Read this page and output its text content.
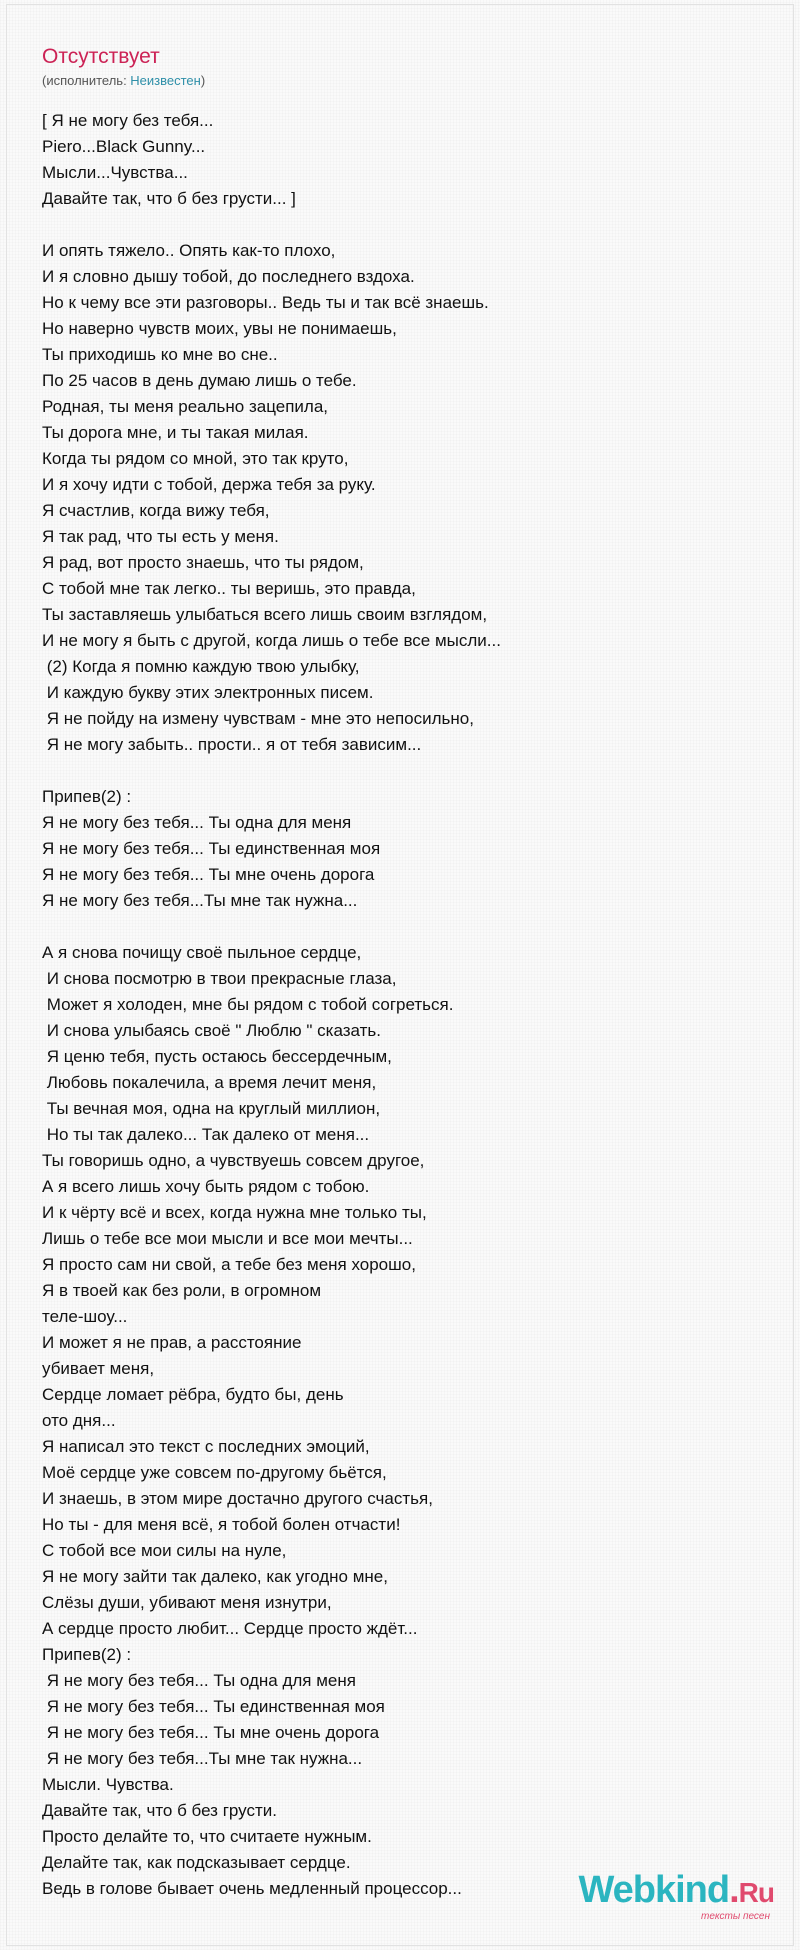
Отсутствует
(исполнитель: Неизвестен)
[ Я не могу без тебя...
Piero...Black Gunny...
Мысли...Чувства...
Давайте так, что б без грусти... ]
И опять тяжело.. Опять как-то плохо,
И я словно дышу тобой, до последнего вздоха.
Но к чему все эти разговоры.. Ведь ты и так всё знаешь.
Но наверно чувств моих, увы не понимаешь,
Ты приходишь ко мне во сне..
По 25 часов в день думаю лишь о тебе.
Родная, ты меня реально зацепила,
Ты дорога мне, и ты такая милая.
Когда ты рядом со мной, это так круто,
И я хочу идти с тобой, держа тебя за руку.
Я счастлив, когда вижу тебя,
Я так рад, что ты есть у меня.
Я рад, вот просто знаешь, что ты рядом,
С тобой мне так легко.. ты веришь, это правда,
Ты заставляешь улыбаться всего лишь своим взглядом,
И не могу я быть с другой, когда лишь о тебе все мысли...
(2) Когда я помню каждую твою улыбку,
И каждую букву этих электронных писем.
Я не пойду на измену чувствам - мне это непосильно,
Я не могу забыть.. прости.. я от тебя зависим...
Припев(2) :
Я не могу без тебя... Ты одна для меня
Я не могу без тебя... Ты единственная моя
Я не могу без тебя... Ты мне очень дорога
Я не могу без тебя...Ты мне так нужна...
А я снова почищу своё пыльное сердце,
И снова посмотрю в твои прекрасные глаза,
Может я холоден, мне бы рядом с тобой согреться.
И снова улыбаясь своё " Люблю " сказать.
Я ценю тебя, пусть остаюсь бессердечным,
Любовь покалечила, а время лечит меня,
Ты вечная моя, одна на круглый миллион,
Но ты так далеко... Так далеко от меня...
Ты говоришь одно, а чувствуешь совсем другое,
А я всего лишь хочу быть рядом с тобою.
И к чёрту всё и всех, когда нужна мне только ты,
Лишь о тебе все мои мысли и все мои мечты...
Я просто сам ни свой, а тебе без меня хорошо,
Я в твоей как без роли, в огромном
теле-шоу...
И может я не прав, а расстояние
убивает меня,
Сердце ломает рёбра, будто бы, день
ото дня...
Я написал это текст с последних эмоций,
Моё сердце уже совсем по-другому бьётся,
И знаешь, в этом мире достачно другого счастья,
Но ты - для меня всё, я тобой болен отчасти!
С тобой все мои силы на нуле,
Я не могу зайти так далеко, как угодно мне,
Слёзы души, убивают меня изнутри,
А сердце просто любит... Сердце просто ждёт...
Припев(2) :
Я не могу без тебя... Ты одна для меня
Я не могу без тебя... Ты единственная моя
Я не могу без тебя... Ты мне очень дорога
Я не могу без тебя...Ты мне так нужна...
Мысли. Чувства.
Давайте так, что б без грусти.
Просто делайте то, что считаете нужным.
Делайте так, как подсказывает сердце.
Ведь в голове бывает очень медленный процессор...	Webkind.Ru
тексты песен
